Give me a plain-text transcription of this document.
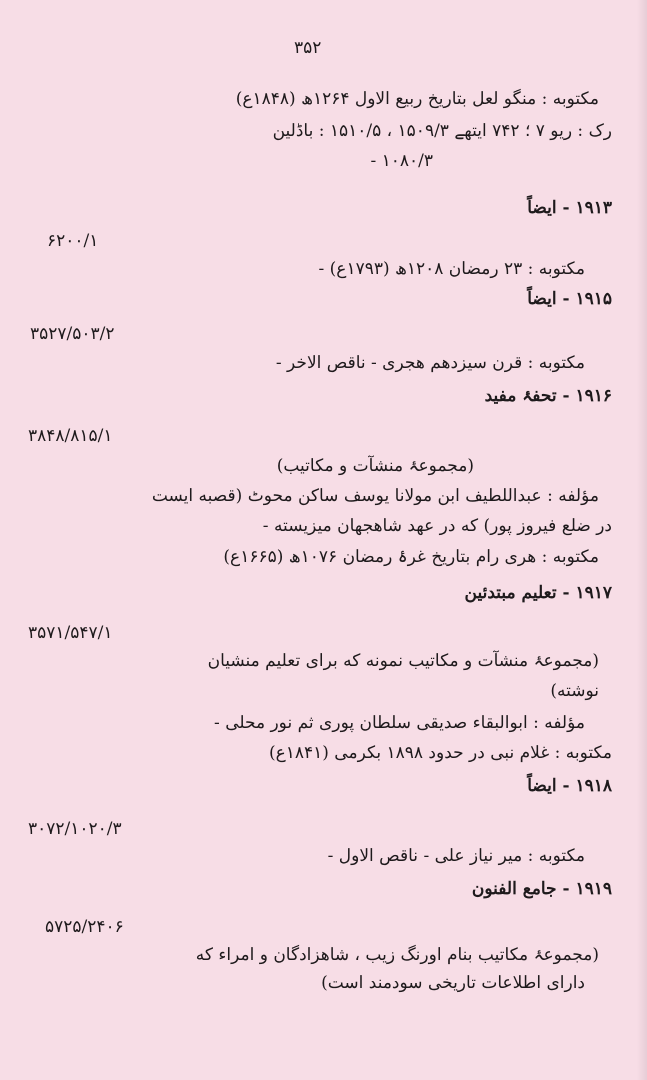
۳۵۲
مکتوبه : منگو لعل بتاریخ ربیع الاول ۱۲۶۴ھ (۱۸۴۸ع)
رک : ریو ۷ ؛ ۷۴۲ ایتھے ۱۵۰۹/۳ ، ۱۵۱۰/۵ : باڈلین
۱۰۸۰/۳ -
۱۹۱۳ - ایضاً
۶۲۰۰/۱
مکتوبه : ۲۳ رمضان ۱۲۰۸ھ (۱۷۹۳ع) -
۱۹۱۵ - ایضاً
۳۵۲۷/۵۰۳/۲
مکتوبه : قرن سیزدهم هجری - ناقص الاخر -
۱۹۱۶ - تحفۂ مفید
۳۸۴۸/۸۱۵/۱
(مجموعۂ منشآت و مکاتیب)
مؤلفه : عبداللطیف ابن مولانا یوسف ساکن محوٹ (قصبه ایست
در ضلع فیروز پور) که در عهد شاهجهان میزیسته -
مکتوبه : هری رام بتاریخ غرۂ رمضان ۱۰۷۶ھ (۱۶۶۵ع)
۱۹۱۷ - تعلیم مبتدئین
۳۵۷۱/۵۴۷/۱
(مجموعۂ منشآت و مکاتیب نمونه که برای تعلیم منشیان
نوشته)
مؤلفه : ابوالبقاء صدیقی سلطان پوری ثم نور محلی -
مکتوبه : غلام نبی در حدود ۱۸۹۸ بکرمی (۱۸۴۱ع)
۱۹۱۸ - ایضاً
۳۰۷۲/۱۰۲۰/۳
مکتوبه : میر نیاز علی - ناقص الاول -
۱۹۱۹ - جامع الفنون
۵۷۲۵/۲۴۰۶
(مجموعۂ مکاتیب بنام اورنگ زیب ، شاهزادگان و امراء که
دارای اطلاعات تاریخی سودمند است)
